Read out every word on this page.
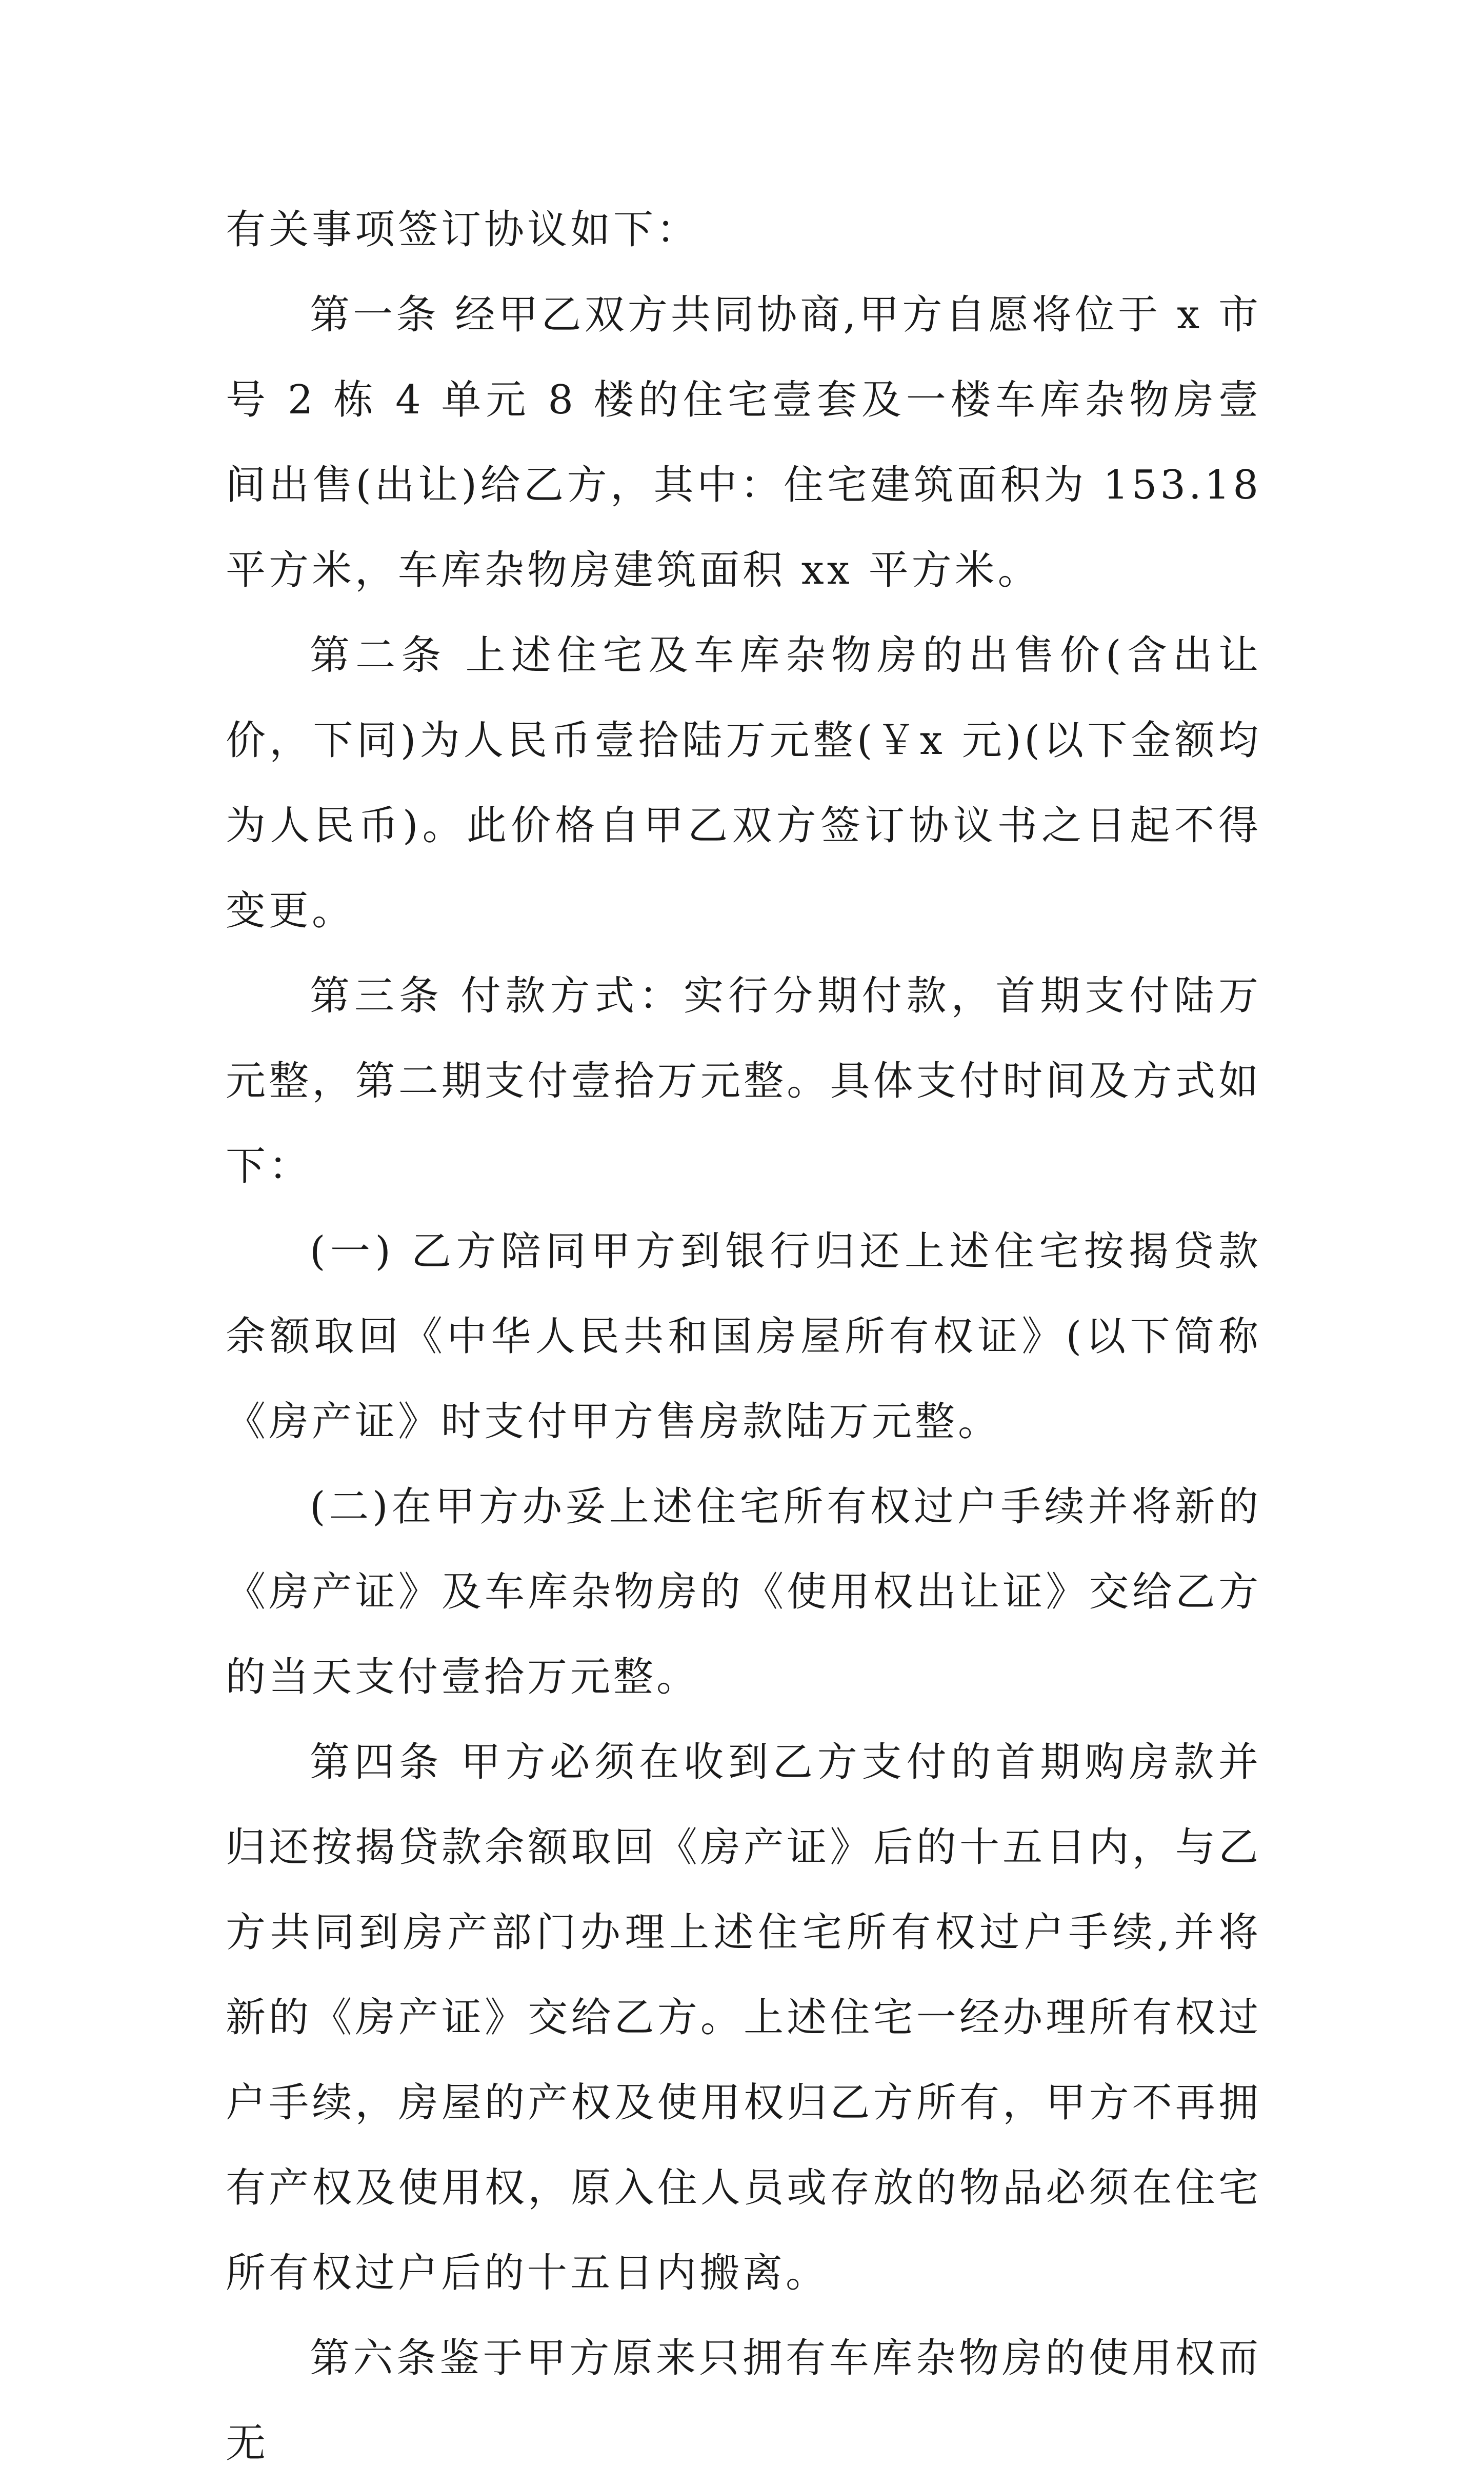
有关事项签订协议如下：

第一条 经甲乙双方共同协商,甲方自愿将位于 x 市号 2 栋 4 单元 8 楼的住宅壹套及一楼车库杂物房壹间出售(出让)给乙方，其中：住宅建筑面积为 153.18 平方米，车库杂物房建筑面积 xx 平方米。

第二条 上述住宅及车库杂物房的出售价(含出让价，下同)为人民币壹拾陆万元整(￥x 元)(以下金额均为人民币)。此价格自甲乙双方签订协议书之日起不得变更。

第三条 付款方式：实行分期付款，首期支付陆万元整，第二期支付壹拾万元整。具体支付时间及方式如下：

(一) 乙方陪同甲方到银行归还上述住宅按揭贷款余额取回《中华人民共和国房屋所有权证》(以下简称《房产证》时支付甲方售房款陆万元整。

(二)在甲方办妥上述住宅所有权过户手续并将新的《房产证》及车库杂物房的《使用权出让证》交给乙方的当天支付壹拾万元整。

第四条 甲方必须在收到乙方支付的首期购房款并归还按揭贷款余额取回《房产证》后的十五日内，与乙方共同到房产部门办理上述住宅所有权过户手续,并将新的《房产证》交给乙方。上述住宅一经办理所有权过户手续，房屋的产权及使用权归乙方所有，甲方不再拥有产权及使用权，原入住人员或存放的物品必须在住宅所有权过户后的十五日内搬离。

第六条鉴于甲方原来只拥有车库杂物房的使用权而无
